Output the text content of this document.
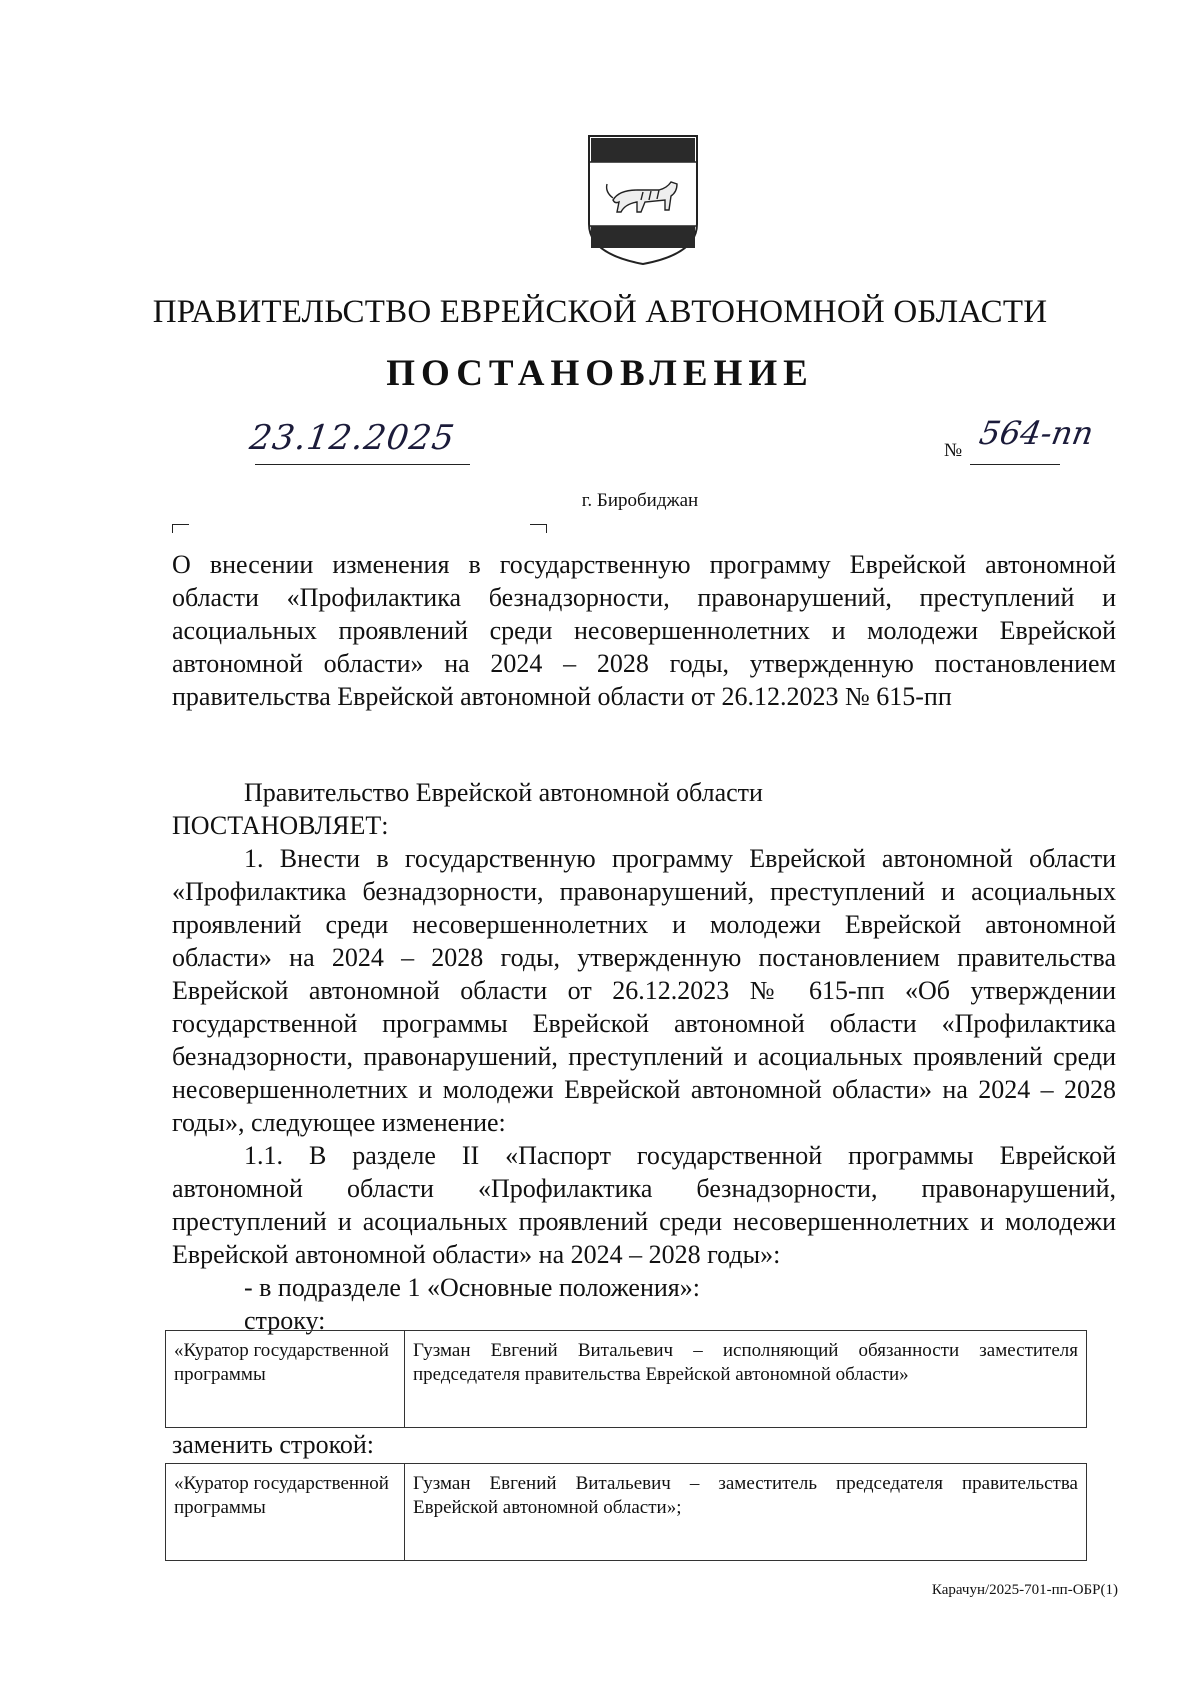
ПРАВИТЕЛЬСТВО ЕВРЕЙСКОЙ АВТОНОМНОЙ ОБЛАСТИ
ПОСТАНОВЛЕНИЕ
23.12.2025	№ 564-пп
г. Биробиджан
О внесении изменения в государственную программу Еврейской автономной области «Профилактика безнадзорности, правонарушений, преступлений и асоциальных проявлений среди несовершеннолетних и молодежи Еврейской автономной области» на 2024 – 2028 годы, утвержденную постановлением правительства Еврейской автономной области от 26.12.2023 № 615-пп

Правительство Еврейской автономной области

ПОСТАНОВЛЯЕТ:

1. Внести в государственную программу Еврейской автономной области «Профилактика безнадзорности, правонарушений, преступлений и асоциальных проявлений среди несовершеннолетних и молодежи Еврейской автономной области» на 2024 – 2028 годы, утвержденную постановлением правительства Еврейской автономной области от 26.12.2023 № 615-пп «Об утверждении государственной программы Еврейской автономной области «Профилактика безнадзорности, правонарушений, преступлений и асоциальных проявлений среди несовершеннолетних и молодежи Еврейской автономной области» на 2024 – 2028 годы», следующее изменение:

1.1. В разделе II «Паспорт государственной программы Еврейской автономной области «Профилактика безнадзорности, правонарушений, преступлений и асоциальных проявлений среди несовершеннолетних и молодежи Еврейской автономной области» на 2024 – 2028 годы»:

- в подразделе 1 «Основные положения»:

строку:

«Куратор государственной программы
Гузман Евгений Витальевич – исполняющий обязанности заместителя председателя правительства Еврейской автономной области»
заменить строкой:
«Куратор государственной программы
Гузман Евгений Витальевич – заместитель председателя правительства Еврейской автономной области»;
Карачун/2025-701-пп-ОБР(1)
